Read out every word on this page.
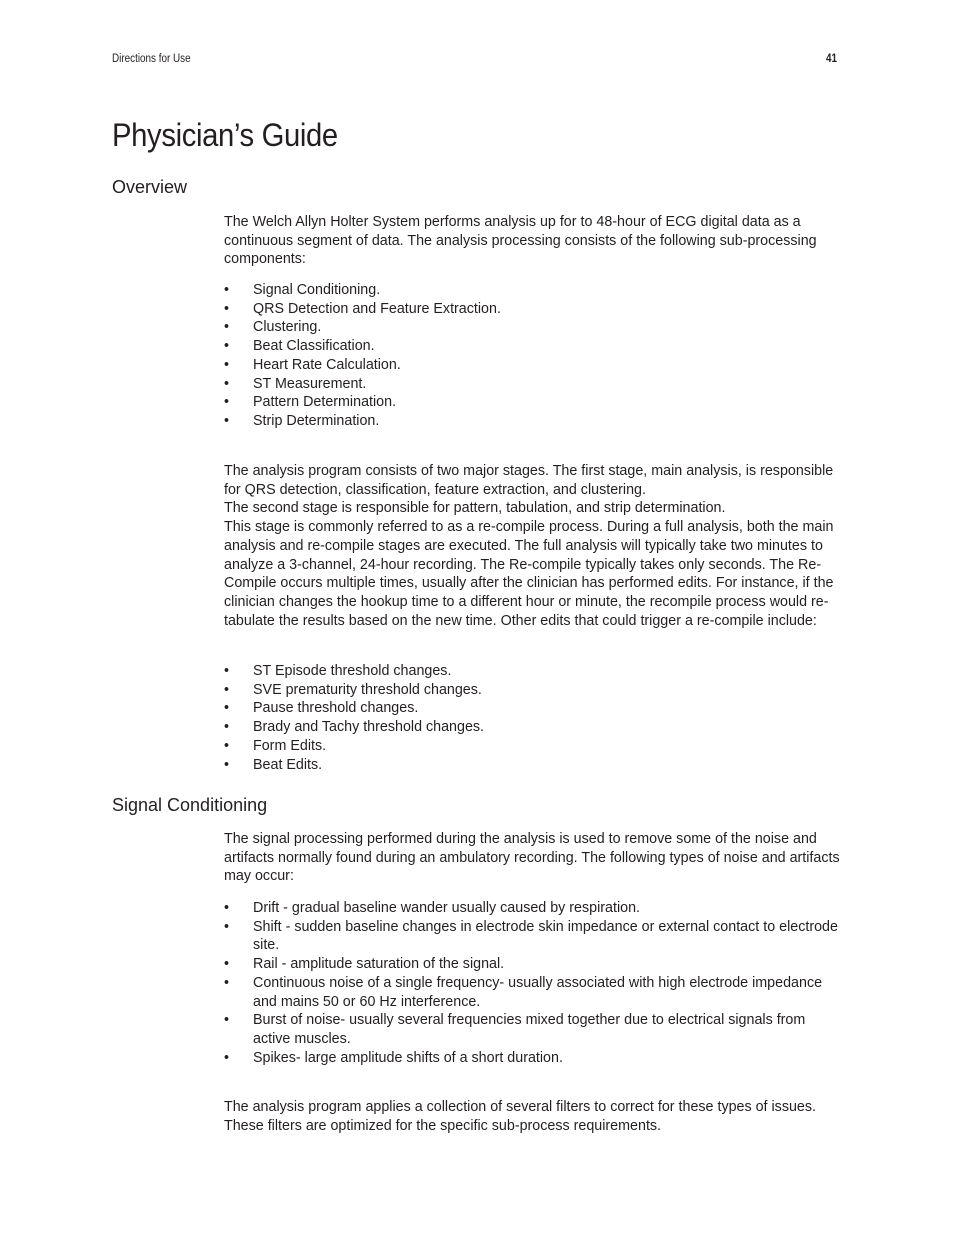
Directions for Use	41
Physician’s Guide
Overview

The Welch Allyn Holter System performs analysis up for to 48-hour of ECG digital data as a continuous segment of data. The analysis processing consists of the following sub-processing components:

• Signal Conditioning.
• QRS Detection and Feature Extraction.
• Clustering.
• Beat Classification.
• Heart Rate Calculation.
• ST Measurement.
• Pattern Determination.
• Strip Determination.

The analysis program consists of two major stages. The first stage, main analysis, is responsible for QRS detection, classification, feature extraction, and clustering.

The second stage is responsible for pattern, tabulation, and strip determination.

This stage is commonly referred to as a re-compile process. During a full analysis, both the main analysis and re-compile stages are executed. The full analysis will typically take two minutes to analyze a 3-channel, 24-hour recording. The Re-compile typically takes only seconds. The Re-Compile occurs multiple times, usually after the clinician has performed edits. For instance, if the clinician changes the hookup time to a different hour or minute, the recompile process would re-tabulate the results based on the new time. Other edits that could trigger a re-compile include:

• ST Episode threshold changes.
• SVE prematurity threshold changes.
• Pause threshold changes.
• Brady and Tachy threshold changes.
• Form Edits.
• Beat Edits.
Signal Conditioning

The signal processing performed during the analysis is used to remove some of the noise and artifacts normally found during an ambulatory recording. The following types of noise and artifacts may occur:

• Drift - gradual baseline wander usually caused by respiration.
• Shift - sudden baseline changes in electrode skin impedance or external contact to electrode site.
• Rail - amplitude saturation of the signal.
• Continuous noise of a single frequency- usually associated with high electrode impedance and mains 50 or 60 Hz interference.
• Burst of noise- usually several frequencies mixed together due to electrical signals from active muscles.
• Spikes- large amplitude shifts of a short duration.

The analysis program applies a collection of several filters to correct for these types of issues. These filters are optimized for the specific sub-process requirements.
